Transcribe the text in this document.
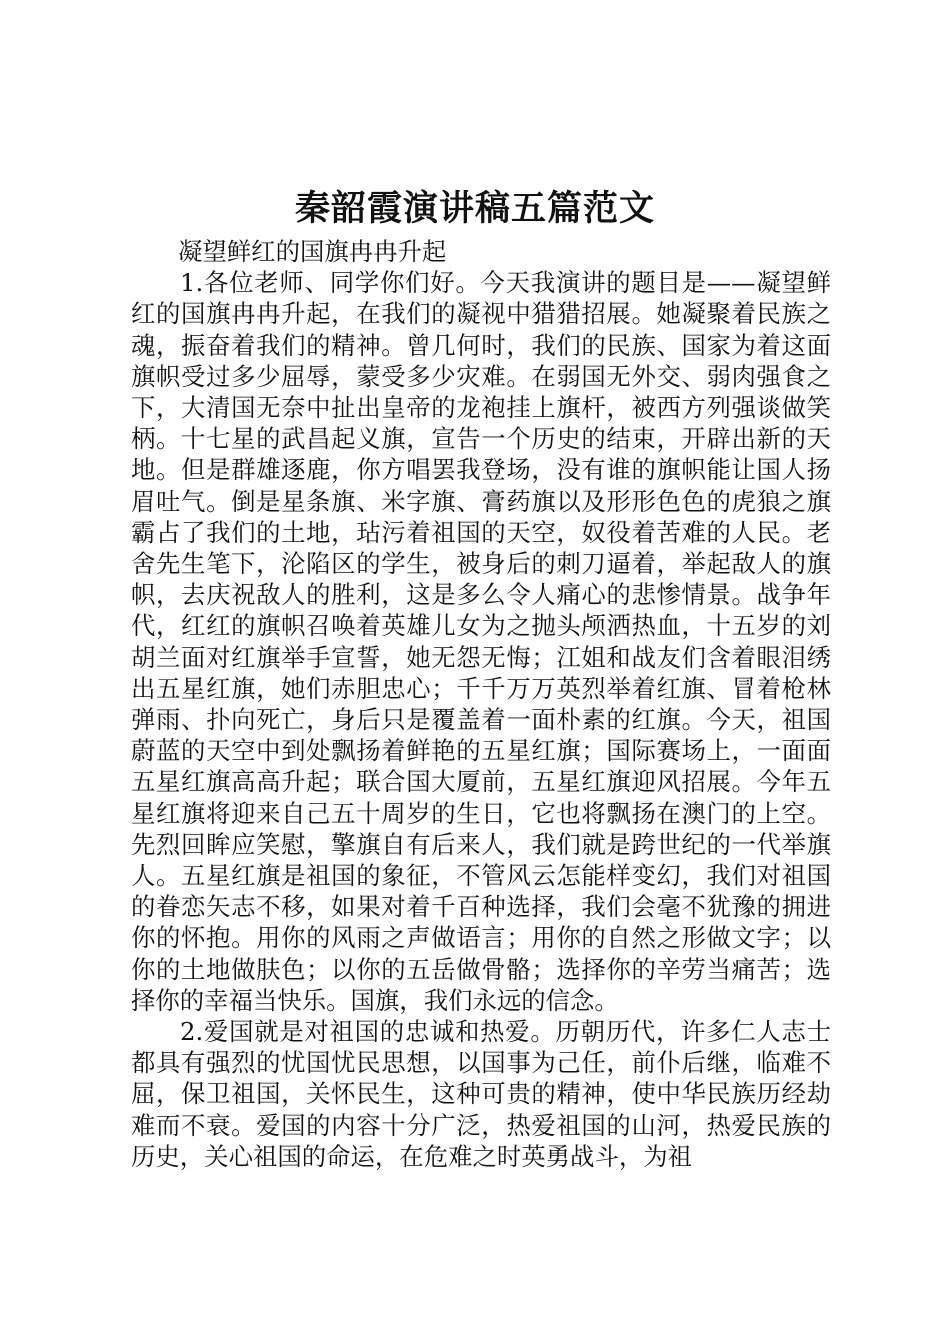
秦韶霞演讲稿五篇范文

凝望鲜红的国旗冉冉升起

1.各位老师、同学你们好。今天我演讲的题目是——凝望鲜红的国旗冉冉升起，在我们的凝视中猎猎招展。她凝聚着民族之魂，振奋着我们的精神。曾几何时，我们的民族、国家为着这面旗帜受过多少屈辱，蒙受多少灾难。在弱国无外交、弱肉强食之下，大清国无奈中扯出皇帝的龙袍挂上旗杆，被西方列强谈做笑柄。十七星的武昌起义旗，宣告一个历史的结束，开辟出新的天地。但是群雄逐鹿，你方唱罢我登场，没有谁的旗帜能让国人扬眉吐气。倒是星条旗、米字旗、膏药旗以及形形色色的虎狼之旗霸占了我们的土地，玷污着祖国的天空，奴役着苦难的人民。老舍先生笔下，沦陷区的学生，被身后的刺刀逼着，举起敌人的旗帜，去庆祝敌人的胜利，这是多么令人痛心的悲惨情景。战争年代，红红的旗帜召唤着英雄儿女为之抛头颅洒热血，十五岁的刘胡兰面对红旗举手宣誓，她无怨无悔；江姐和战友们含着眼泪绣出五星红旗，她们赤胆忠心；千千万万英烈举着红旗、冒着枪林弹雨、扑向死亡，身后只是覆盖着一面朴素的红旗。今天，祖国蔚蓝的天空中到处飘扬着鲜艳的五星红旗；国际赛场上，一面面五星红旗高高升起；联合国大厦前，五星红旗迎风招展。今年五星红旗将迎来自己五十周岁的生日，它也将飘扬在澳门的上空。先烈回眸应笑慰，擎旗自有后来人，我们就是跨世纪的一代举旗人。五星红旗是祖国的象征，不管风云怎能样变幻，我们对祖国的眷恋矢志不移，如果对着千百种选择，我们会毫不犹豫的拥进你的怀抱。用你的风雨之声做语言；用你的自然之形做文字；以你的土地做肤色；以你的五岳做骨骼；选择你的辛劳当痛苦；选择你的幸福当快乐。国旗，我们永远的信念。

2.爱国就是对祖国的忠诚和热爱。历朝历代，许多仁人志士都具有强烈的忧国忧民思想，以国事为己任，前仆后继，临难不屈，保卫祖国，关怀民生，这种可贵的精神，使中华民族历经劫难而不衰。爱国的内容十分广泛，热爱祖国的山河，热爱民族的历史，关心祖国的命运，在危难之时英勇战斗，为祖
